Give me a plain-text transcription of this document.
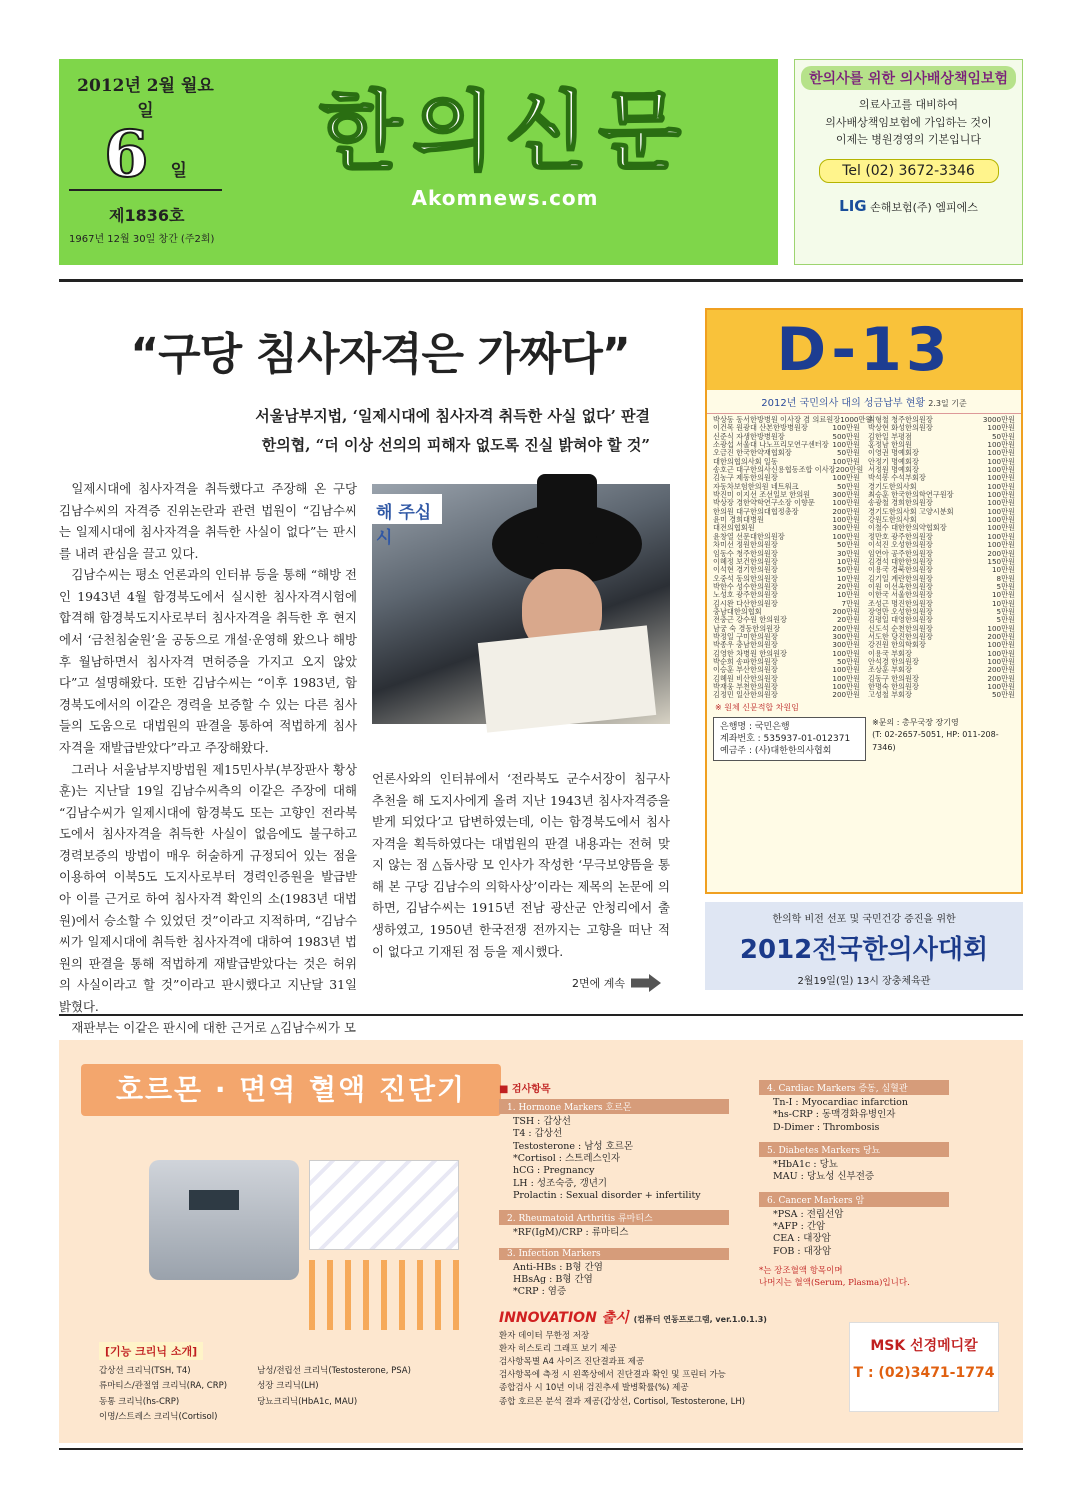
2012년 2월 월요일
6 일
제1836호
1967년 12월 30일 창간 (주2회)
한의신문
Akomnews.com
한의사를 위한 의사배상책임보험
의료사고를 대비하여
의사배상책임보험에 가입하는 것이
이제는 병원경영의 기본입니다
Tel (02) 3672-3346
LIG 손해보험(주) 엠피에스
“구당 침사자격은 가짜다”
서울남부지법, ‘일제시대에 침사자격 취득한 사실 없다’ 판결
한의협, “더 이상 선의의 피해자 없도록 진실 밝혀야 할 것”

일제시대에 침사자격을 취득했다고 주장해 온 구당 김남수씨의 자격증 진위논란과 관련 법원이 “김남수씨는 일제시대에 침사자격을 취득한 사실이 없다”는 판시를 내려 관심을 끌고 있다.

김남수씨는 평소 언론과의 인터뷰 등을 통해 “해방 전인 1943년 4월 함경북도에서 실시한 침사자격시험에 합격해 함경북도지사로부터 침사자격을 취득한 후 현지에서 ‘금천침술원’을 공동으로 개설·운영해 왔으나 해방 후 월남하면서 침사자격 면허증을 가지고 오지 않았다”고 설명해왔다. 또한 김남수씨는 “이후 1983년, 함경북도에서의 이같은 경력을 보증할 수 있는 다른 침사들의 도움으로 대법원의 판결을 통하여 적법하게 침사자격을 재발급받았다”라고 주장해왔다.

그러나 서울남부지방법원 제15민사부(부장판사 황상훈)는 지난달 19일 김남수씨측의 이같은 주장에 대해 “김남수씨가 일제시대에 함경북도 또는 고향인 전라북도에서 침사자격을 취득한 사실이 없음에도 불구하고 경력보증의 방법이 매우 허술하게 규정되어 있는 점을 이용하여 이북5도 도지사로부터 경력인증원을 발급받아 이를 근거로 하여 침사자격 확인의 소(1983년 대법원)에서 승소할 수 있었던 것”이라고 지적하며, “김남수씨가 일제시대에 취득한 침사자격에 대하여 1983년 법원의 판결을 통해 적법하게 재발급받았다는 것은 허위의 사실이라고 할 것”이라고 판시했다고 지난달 31일 밝혔다.

재판부는 이같은 판시에 대한 근거로 △김남수씨가 모

해 주십시

언론사와의 인터뷰에서 ‘전라북도 군수서장이 침구사 추천을 해 도지사에게 올려 지난 1943년 침사자격증을 받게 되었다’고 답변하였는데, 이는 함경북도에서 침사자격을 획득하였다는 대법원의 판결 내용과는 전혀 맞지 않는 점 △돕사랑 모 인사가 작성한 ‘무극보양뜸을 통해 본 구당 김남수의 의학사상’이라는 제목의 논문에 의하면, 김남수씨는 1915년 전남 광산군 안청리에서 출생하였고, 1950년 한국전쟁 전까지는 고향을 떠난 적이 없다고 기재된 점 등을 제시했다.

2면에 계속
D-13
2012년 국민의사 대의 성금납부 현황 2.3일 기준
박상동 동서한방병원 이사장 겸 의료원장 1000만원
이건목 원광대 산본한방병원장	100만원
신준식 자생한방병원장	500만원
소광섭 서울대 나노프리모연구센터장 100만원
오금진 한국한약재협회장	50만원
대한의협의사회 일동	100만원
송호근 대구한의사신용협동조합 이사장 200만원
김농구 제동한의원장	100만원
자동차보험한의원 네트워크	50만원
박진미 이지선 조선일보 한의원	300만원
박상장 경한약학연구소장 이향문 100만원
한의원 대구한의대협정총장	200만원
윤미 경희대병원	100만원
대전의협회원	300만원
윤창열 선문대한의원장	100만원
차미선 정원한의원장	50만원
임동수 청주한의원장	30만원
이혜정 보건한의원장	10만원
이석현 경기한의원장	50만원
오중석 동의한의원장	10만원
박한수 성수한의원장	20만원
노성호 광주한의원장	10만원
김시완 다산한의원장	7만원
충남대한의협회	200만원
전충근 강수원 한의원장	20만원
남궁 숙 경동한의원장	200만원
박정일 구미한의원장	300만원
박종우 충남한의원장	300만원
김영한 차병원 한의원장	100만원
박순희 송파한의원장	50만원
이승훈 부산한의원장	100만원
김혜원 비산한의원장	100만원
박재웅 부천한의원장	100만원
김정민 일산한의원장	200만원
최형철 청주한의원장	3000만원
박상현 화성한의원장	100만원
김한일 부평점	50만원
홍정남 한의원	100만원
이영권 명예회장	100만원
안정기 명예회장	100만원
서정원 명예회장	100만원
박석봉 수석부회장	100만원
경기도한의사회	100만원
최승훈 한국한의학연구원장	100만원
송광철 경희한의원장	100만원
경기도한의사회 고양시분회	100만원
강원도한의사회	100만원
이철수 대한한의약협회장	100만원
정만호 광주한의원장	100만원
이석진 오성한의원장	100만원
임연아 공주한의원장	200만원
김경석 대한한의원장	150만원
이용국 경북한의원장	10만원
김기일 계란한의원장	8만원
이원 이선옥한의원장	5만원
이한국 서울한의원장	10만원
조성근 명진한의원장	10만원
장영만 오성한의원장	5만원
김평일 대영한의원장	5만원
신도석 순천한의원장	100만원
서도한 당진한의원장	200만원
강진원 한의학회장	100만원
이용국 부회장	100만원
안석경 한의원장	100만원
조상훈 부회장	200만원
김동구 한의원장	200만원
한명숙 한의원장	100만원
고성철 부회장	50만원
※ 원체 신문적합 차원임
은행명 : 국민은행
계좌번호 : 535937-01-012371
예금주 : (사)대한한의사협회
※문의 : 총무국장 장기영
(T: 02-2657-5051, HP: 011-208-7346)
한의학 비전 선포 및 국민건강 증진을 위한
2012전국한의사대회
2월19일(일) 13시 장충체육관
호르몬 · 면역 혈액 진단기
[기능 크리닉 소개]
갑상선 크리닉(TSH, T4)
류마티스/관절염 크리닉(RA, CRP)
동통 크리닉(hs-CRP)
이명/스트레스 크리닉(Cortisol)
남성/전립선 크리닉(Testosterone, PSA)
성장 크리닉(LH)
당뇨크리닉(HbA1c, MAU)
■ 검사항목
1. Hormone Markers 호르몬
TSH : 갑상선
T4 : 갑상선
Testosterone : 남성 호르몬
*Cortisol : 스트레스인자
hCG : Pregnancy
LH : 성조숙증, 갱년기
Prolactin : Sexual disorder + infertility
2. Rheumatoid Arthritis 류마티스
*RF(IgM)/CRP : 류마티스
3. Infection Markers
Anti-HBs : B형 간염
HBsAg : B형 간염
*CRP : 염증
4. Cardiac Markers 증동, 심혈관
Tn-I : Myocardiac infarction
*hs-CRP : 동맥경화유병인자
D-Dimer : Thrombosis
5. Diabetes Markers 당뇨
*HbA1c : 당뇨
MAU : 당뇨성 신부전증
6. Cancer Markers 암
*PSA : 전립선암
*AFP : 간암
CEA : 대장암
FOB : 대장암
*는 장조혈액 항목이며
나머지는 혈액(Serum, Plasma)입니다.
INNOVATION 출시 (컴퓨터 연동프로그램, ver.1.0.1.3)
환자 데이터 무한정 저장
환자 히스토리 그래프 보기 제공
검사항목별 A4 사이즈 진단결과표 제공
검사항목에 측정 시 왼쪽상에서 진단결과 확인 및 프린터 가능
종합검사 시 10년 이내 검진추세 발병확률(%) 제공
종합 호르몬 분석 결과 제공(갑상선, Cortisol, Testosterone, LH)
MSK 선경메디칼
T : (02)3471-1774
